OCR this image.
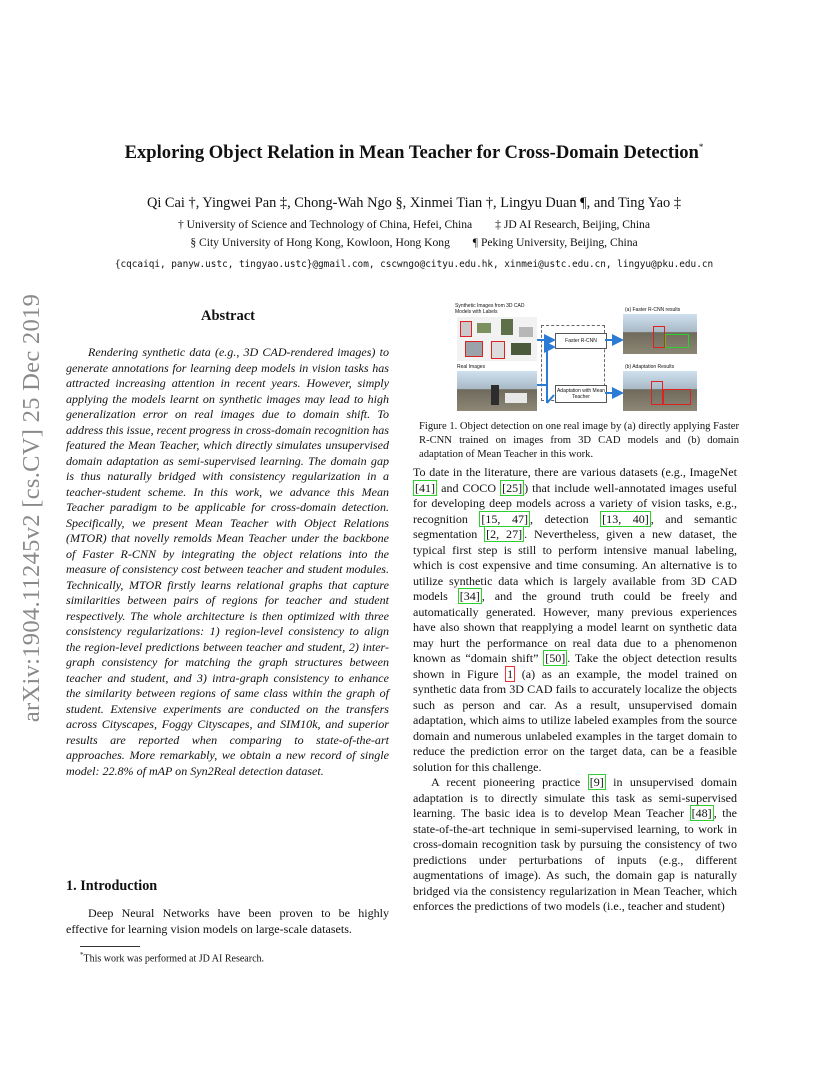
arXiv:1904.11245v2 [cs.CV] 25 Dec 2019
Exploring Object Relation in Mean Teacher for Cross-Domain Detection*
Qi Cai †, Yingwei Pan ‡, Chong-Wah Ngo §, Xinmei Tian †, Lingyu Duan ¶, and Ting Yao ‡
† University of Science and Technology of China, Hefei, China ‡ JD AI Research, Beijing, China
§ City University of Hong Kong, Kowloon, Hong Kong ¶ Peking University, Beijing, China
{cqcaiqi, panyw.ustc, tingyao.ustc}@gmail.com, cscwngo@cityu.edu.hk, xinmei@ustc.edu.cn, lingyu@pku.edu.cn
Abstract
Rendering synthetic data (e.g., 3D CAD-rendered images) to generate annotations for learning deep models in vision tasks has attracted increasing attention in recent years. However, simply applying the models learnt on synthetic images may lead to high generalization error on real images due to domain shift. To address this issue, recent progress in cross-domain recognition has featured the Mean Teacher, which directly simulates unsupervised domain adaptation as semi-supervised learning. The domain gap is thus naturally bridged with consistency regularization in a teacher-student scheme. In this work, we advance this Mean Teacher paradigm to be applicable for cross-domain detection. Specifically, we present Mean Teacher with Object Relations (MTOR) that novelly remolds Mean Teacher under the backbone of Faster R-CNN by integrating the object relations into the measure of consistency cost between teacher and student modules. Technically, MTOR firstly learns relational graphs that capture similarities between pairs of regions for teacher and student respectively. The whole architecture is then optimized with three consistency regularizations: 1) region-level consistency to align the region-level predictions between teacher and student, 2) inter-graph consistency for matching the graph structures between teacher and student, and 3) intra-graph consistency to enhance the similarity between regions of same class within the graph of student. Extensive experiments are conducted on the transfers across Cityscapes, Foggy Cityscapes, and SIM10k, and superior results are reported when comparing to state-of-the-art approaches. More remarkably, we obtain a new record of single model: 22.8% of mAP on Syn2Real detection dataset.
1. Introduction
Deep Neural Networks have been proven to be highly effective for learning vision models on large-scale datasets.
*This work was performed at JD AI Research.
Synthetic Images from 3D CAD Models with Labels	(a) Faster R-CNN results
Real Images	(b) Adaptation Results
Faster R-CNN
Adaptation with Mean Teacher
Figure 1. Object detection on one real image by (a) directly applying Faster R-CNN trained on images from 3D CAD models and (b) domain adaptation of Mean Teacher in this work.

To date in the literature, there are various datasets (e.g., ImageNet [41] and COCO [25] ) that include well-annotated images useful for developing deep models across a variety of vision tasks, e.g., recognition [15, 47] , detection [13, 40] , and semantic segmentation [2, 27] . Nevertheless, given a new dataset, the typical first step is still to perform intensive manual labeling, which is cost expensive and time consuming. An alternative is to utilize synthetic data which is largely available from 3D CAD models [34] , and the ground truth could be freely and automatically generated. However, many previous experiences have also shown that reapplying a model learnt on synthetic data may hurt the performance on real data due to a phenomenon known as “domain shift” [50] . Take the object detection results shown in Figure 1 (a) as an example, the model trained on synthetic data from 3D CAD fails to accurately localize the objects such as person and car. As a result, unsupervised domain adaptation, which aims to utilize labeled examples from the source domain and numerous unlabeled examples in the target domain to reduce the prediction error on the target data, can be a feasible solution for this challenge.

A recent pioneering practice [9] in unsupervised domain adaptation is to directly simulate this task as semi-supervised learning. The basic idea is to develop Mean Teacher [48] , the state-of-the-art technique in semi-supervised learning, to work in cross-domain recognition task by pursuing the consistency of two predictions under perturbations of inputs (e.g., different augmentations of image). As such, the domain gap is naturally bridged via the consistency regularization in Mean Teacher, which enforces the predictions of two models (i.e., teacher and student)
